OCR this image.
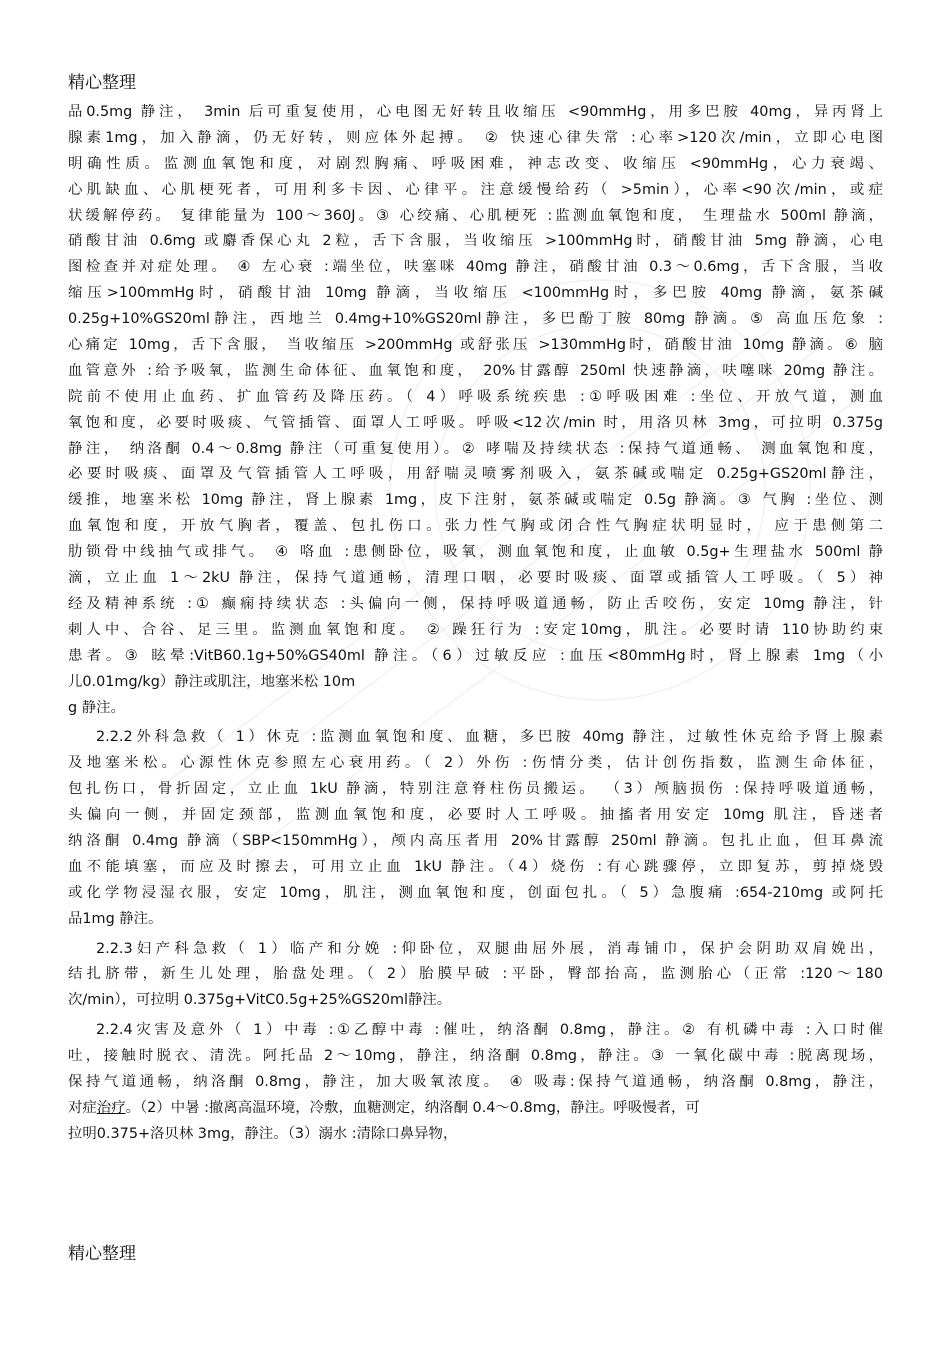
精心整理
品0.5mg 静注， 3min 后可重复使用，心电图无好转且收缩压 <90mmHg，用多巴胺 40mg，异丙肾上
腺素1mg，加入静滴，仍无好转，则应体外起搏。 ② 快速心律失常 :心率>120次/min，立即心电图
明确性质。监测血氧饱和度，对剧烈胸痛、呼吸困难，神志改变、收缩压 <90mmHg，心力衰竭、
心肌缺血、心肌梗死者，可用利多卡因、心律平。注意缓慢给药（ >5min），心率<90次/min，或症
状缓解停药。 复律能量为 100～360J。③ 心绞痛、心肌梗死 :监测血氧饱和度， 生理盐水 500ml 静滴，
硝酸甘油 0.6mg 或麝香保心丸 2粒，舌下含服，当收缩压 >100mmHg时，硝酸甘油 5mg 静滴，心电
图检查并对症处理。 ④ 左心衰 :端坐位，呋塞咪 40mg 静注，硝酸甘油 0.3～0.6mg，舌下含服，当收
缩压>100mmHg时，硝酸甘油 10mg 静滴，当收缩压 <100mmHg时，多巴胺 40mg 静滴，氨茶碱
0.25g+10%GS20ml静注，西地兰 0.4mg+10%GS20ml静注，多巴酚丁胺 80mg 静滴。⑤ 高血压危象 :
心痛定 10mg，舌下含服， 当收缩压 >200mmHg 或舒张压 >130mmHg时，硝酸甘油 10mg 静滴。⑥ 脑
血管意外 :给予吸氧，监测生命体征、血氧饱和度， 20%甘露醇 250ml 快速静滴，呋噻咪 20mg 静注。
院前不使用止血药、扩血管药及降压药。（ 4）呼吸系统疾患 :①呼吸困难 :坐位、开放气道，测血
氧饱和度，必要时吸痰、气管插管、面罩人工呼吸。呼吸<12次/min 时，用洛贝林 3mg，可拉明 0.375g
静注， 纳洛酮 0.4～0.8mg 静注（可重复使用）。② 哮喘及持续状态 :保持气道通畅、 测血氧饱和度，
必要时吸痰、面罩及气管插管人工呼吸，用舒喘灵喷雾剂吸入，氨茶碱或喘定 0.25g+GS20ml静注，
缓推，地塞米松 10mg 静注，肾上腺素 1mg，皮下注射，氨茶碱或喘定 0.5g 静滴。③ 气胸 :坐位、测
血氧饱和度，开放气胸者，覆盖、包扎伤口。张力性气胸或闭合性气胸症状明显时， 应于患侧第二
肋锁骨中线抽气或排气。 ④ 咯血 :患侧卧位，吸氧，测血氧饱和度，止血敏 0.5g+生理盐水 500ml 静
滴，立止血 1～2kU 静注，保持气道通畅，清理口咽，必要时吸痰、面罩或插管人工呼吸。（ 5）神
经及精神系统 :① 癫痫持续状态 :头偏向一侧，保持呼吸道通畅，防止舌咬伤，安定 10mg 静注，针
刺人中、合谷、足三里。监测血氧饱和度。 ② 躁狂行为 :安定10mg，肌注。必要时请 110协助约束
患者。③ 眩晕:VitB60.1g+50%GS40ml 静注。（6）过敏反应 :血压<80mmHg时，肾上腺素 1mg（小
儿0.01mg/kg）静注或肌注，地塞米松 10m
g 静注。
2.2.2外科急救（ 1）休克 :监测血氧饱和度、血糖，多巴胺 40mg 静注，过敏性休克给予肾上腺素
及地塞米松。心源性休克参照左心衰用药。（ 2）外伤 :伤情分类，估计创伤指数，监测生命体征，
包扎伤口，骨折固定，立止血 1kU 静滴，特别注意脊柱伤员搬运。 （3）颅脑损伤 :保持呼吸道通畅，
头偏向一侧，并固定颈部，监测血氧饱和度，必要时人工呼吸。抽搐者用安定 10mg 肌注，昏迷者
纳洛酮 0.4mg 静滴（SBP<150mmHg），颅内高压者用 20%甘露醇 250ml 静滴。包扎止血，但耳鼻流
血不能填塞，而应及时擦去，可用立止血 1kU 静注。（4）烧伤 :有心跳骤停，立即复苏，剪掉烧毁
或化学物浸湿衣服，安定 10mg，肌注，测血氧饱和度，创面包扎。（ 5）急腹痛 :654-210mg 或阿托
品1mg 静注。
2.2.3妇产科急救（ 1）临产和分娩 :仰卧位，双腿曲屈外展，消毒铺巾，保护会阴助双肩娩出，
结扎脐带，新生儿处理，胎盘处理。（ 2）胎膜早破 :平卧，臀部抬高，监测胎心（正常 :120～180
次/min），可拉明 0.375g+VitC0.5g+25%GS20ml静注。
2.2.4灾害及意外（ 1）中毒 :①乙醇中毒 :催吐，纳洛酮 0.8mg，静注。② 有机磷中毒 :入口时催
吐，接触时脱衣、清洗。阿托品 2～10mg，静注，纳洛酮 0.8mg，静注。③ 一氧化碳中毒 :脱离现场，
保持气道通畅，纳洛酮 0.8mg，静注，加大吸氧浓度。 ④ 吸毒:保持气道通畅，纳洛酮 0.8mg，静注，
对症治疗。（2）中暑 :撤离高温环境，冷敷，血糖测定，纳洛酮 0.4～0.8mg，静注。呼吸慢者，可
拉明0.375+洛贝林 3mg，静注。（3）溺水 :清除口鼻异物，
精心整理
